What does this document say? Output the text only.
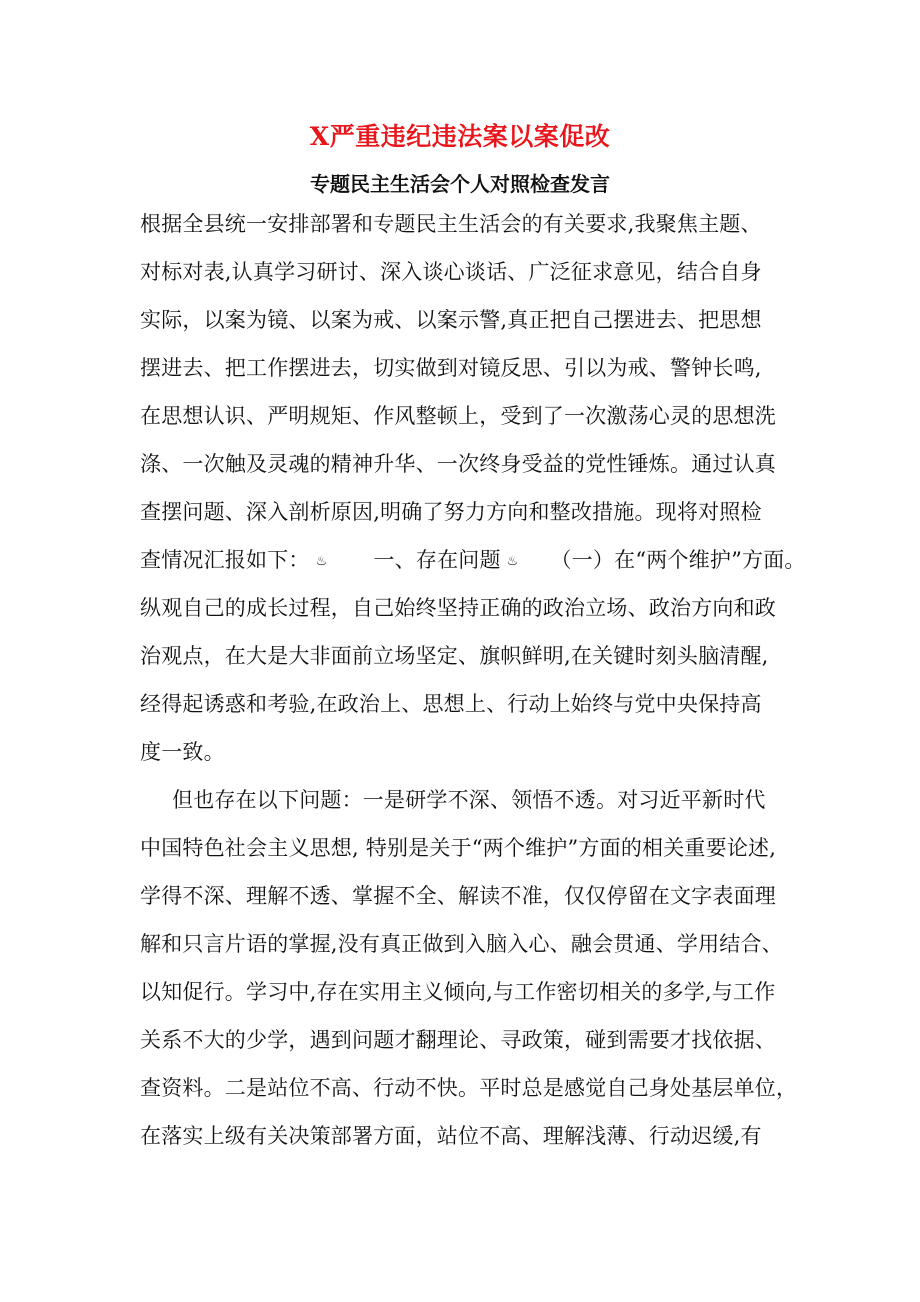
X严重违纪违法案以案促改
专题民主生活会个人对照检查发言
根据全县统一安排部署和专题民主生活会的有关要求,我聚焦主题、
对标对表,认真学习研讨、深入谈心谈话、广泛征求意见，结合自身
实际，以案为镜、以案为戒、以案示警,真正把自己摆进去、把思想
摆进去、把工作摆进去，切实做到对镜反思、引以为戒、警钟长鸣,
在思想认识、严明规矩、作风整顿上，受到了一次激荡心灵的思想洗
涤、一次触及灵魂的精神升华、一次终身受益的党性锤炼。通过认真
查摆问题、深入剖析原因,明确了努力方向和整改措施。现将对照检
查情况汇报如下： ♨ 一、存在问题 ♨ （一）在“两个维护”方面。
纵观自己的成长过程，自己始终坚持正确的政治立场、政治方向和政
治观点，在大是大非面前立场坚定、旗帜鲜明,在关键时刻头脑清醒,
经得起诱惑和考验,在政治上、思想上、行动上始终与党中央保持高
度一致。
但也存在以下问题：一是研学不深、领悟不透。对习近平新时代
中国特色社会主义思想, 特别是关于“两个维护”方面的相关重要论述,
学得不深、理解不透、掌握不全、解读不准，仅仅停留在文字表面理
解和只言片语的掌握,没有真正做到入脑入心、融会贯通、学用结合、
以知促行。学习中,存在实用主义倾向,与工作密切相关的多学,与工作
关系不大的少学，遇到问题才翻理论、寻政策，碰到需要才找依据、
查资料。二是站位不高、行动不快。平时总是感觉自己身处基层单位，
在落实上级有关决策部署方面，站位不高、理解浅薄、行动迟缓,有
